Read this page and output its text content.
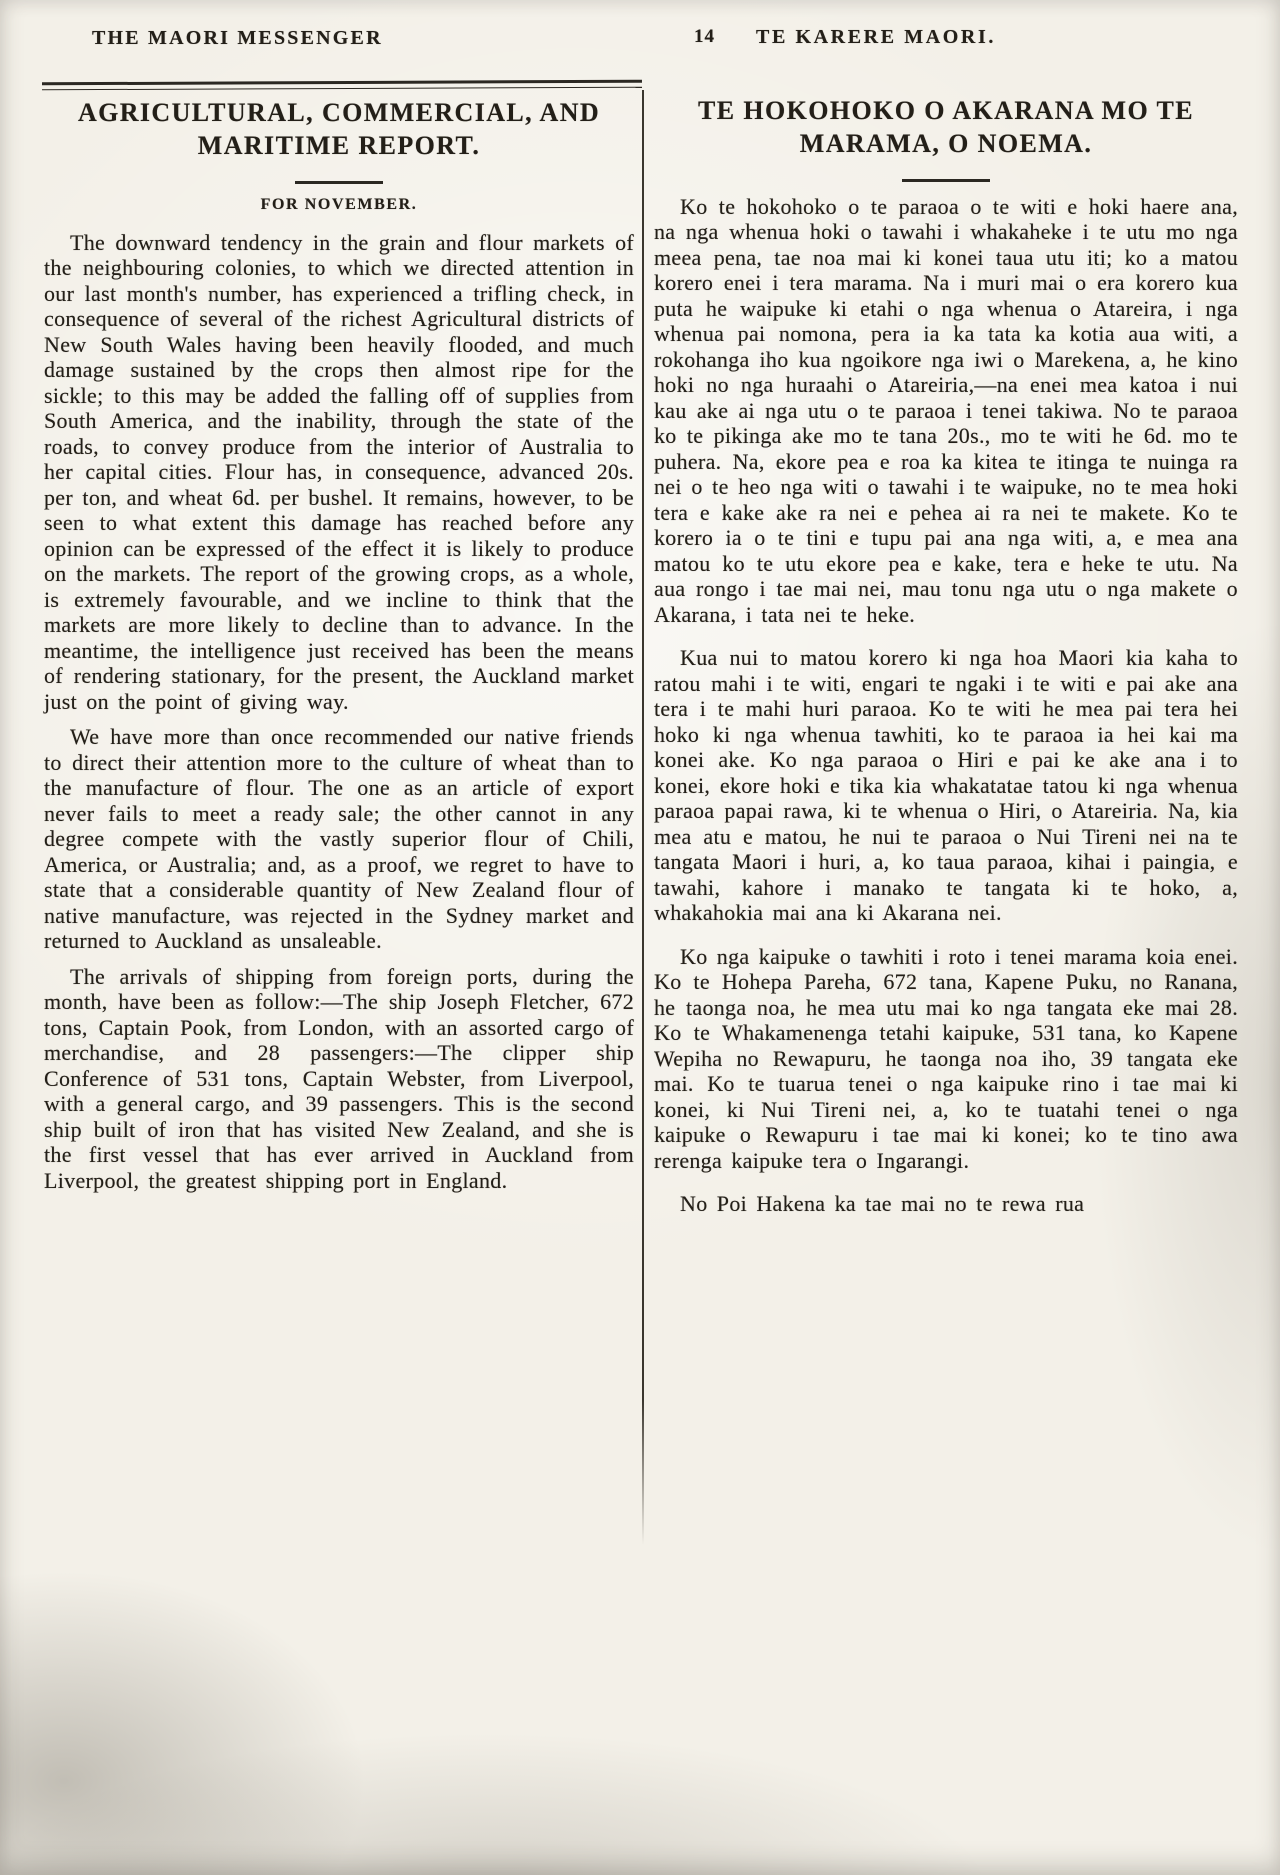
THE MAORI MESSENGER	14 TE KARERE MAORI.
AGRICULTURAL, COMMERCIAL, AND
MARITIME REPORT.
FOR NOVEMBER.

The downward tendency in the grain and flour markets of the neighbouring colonies, to which we directed attention in our last month's number, has experienced a trifling check, in consequence of several of the richest Agricultural districts of New South Wales having been heavily flooded, and much damage sustained by the crops then almost ripe for the sickle; to this may be added the falling off of supplies from South America, and the inability, through the state of the roads, to convey produce from the interior of Australia to her capital cities. Flour has, in consequence, advanced 20s. per ton, and wheat 6d. per bushel. It remains, however, to be seen to what extent this damage has reached before any opinion can be expressed of the effect it is likely to produce on the markets. The report of the growing crops, as a whole, is extremely favourable, and we incline to think that the markets are more likely to decline than to advance. In the meantime, the intelligence just received has been the means of rendering stationary, for the present, the Auckland market just on the point of giving way.

We have more than once recommended our native friends to direct their attention more to the culture of wheat than to the manufacture of flour. The one as an article of export never fails to meet a ready sale; the other cannot in any degree compete with the vastly superior flour of Chili, America, or Australia; and, as a proof, we regret to have to state that a considerable quantity of New Zealand flour of native manufacture, was rejected in the Sydney market and returned to Auckland as unsaleable.

The arrivals of shipping from foreign ports, during the month, have been as follow:—The ship Joseph Fletcher, 672 tons, Captain Pook, from London, with an assorted cargo of merchandise, and 28 passengers:—The clipper ship Conference of 531 tons, Captain Webster, from Liverpool, with a general cargo, and 39 passengers. This is the second ship built of iron that has visited New Zealand, and she is the first vessel that has ever arrived in Auckland from Liverpool, the greatest shipping port in England.

TE HOKOHOKO O AKARANA MO TE
MARAMA, O NOEMA.

Ko te hokohoko o te paraoa o te witi e hoki haere ana, na nga whenua hoki o tawahi i whakaheke i te utu mo nga meea pena, tae noa mai ki konei taua utu iti; ko a matou korero enei i tera marama. Na i muri mai o era korero kua puta he waipuke ki etahi o nga whenua o Atareira, i nga whenua pai nomona, pera ia ka tata ka kotia aua witi, a rokohanga iho kua ngoikore nga iwi o Marekena, a, he kino hoki no nga huraahi o Atareiria,—na enei mea katoa i nui kau ake ai nga utu o te paraoa i tenei takiwa. No te paraoa ko te pikinga ake mo te tana 20s., mo te witi he 6d. mo te puhera. Na, ekore pea e roa ka kitea te itinga te nuinga ra nei o te heo nga witi o tawahi i te waipuke, no te mea hoki tera e kake ake ra nei e pehea ai ra nei te makete. Ko te korero ia o te tini e tupu pai ana nga witi, a, e mea ana matou ko te utu ekore pea e kake, tera e heke te utu. Na aua rongo i tae mai nei, mau tonu nga utu o nga makete o Akarana, i tata nei te heke.

Kua nui to matou korero ki nga hoa Maori kia kaha to ratou mahi i te witi, engari te ngaki i te witi e pai ake ana tera i te mahi huri paraoa. Ko te witi he mea pai tera hei hoko ki nga whenua tawhiti, ko te paraoa ia hei kai ma konei ake. Ko nga paraoa o Hiri e pai ke ake ana i to konei, ekore hoki e tika kia whakatatae tatou ki nga whenua paraoa papai rawa, ki te whenua o Hiri, o Atareiria. Na, kia mea atu e matou, he nui te paraoa o Nui Tireni nei na te tangata Maori i huri, a, ko taua paraoa, kihai i paingia, e tawahi, kahore i manako te tangata ki te hoko, a, whakahokia mai ana ki Akarana nei.

Ko nga kaipuke o tawhiti i roto i tenei marama koia enei. Ko te Hohepa Pareha, 672 tana, Kapene Puku, no Ranana, he taonga noa, he mea utu mai ko nga tangata eke mai 28. Ko te Whakamenenga tetahi kaipuke, 531 tana, ko Kapene Wepiha no Rewapuru, he taonga noa iho, 39 tangata eke mai. Ko te tuarua tenei o nga kaipuke rino i tae mai ki konei, ki Nui Tireni nei, a, ko te tuatahi tenei o nga kaipuke o Rewapuru i tae mai ki konei; ko te tino awa rerenga kaipuke tera o Ingarangi.

No Poi Hakena ka tae mai no te rewa rua
